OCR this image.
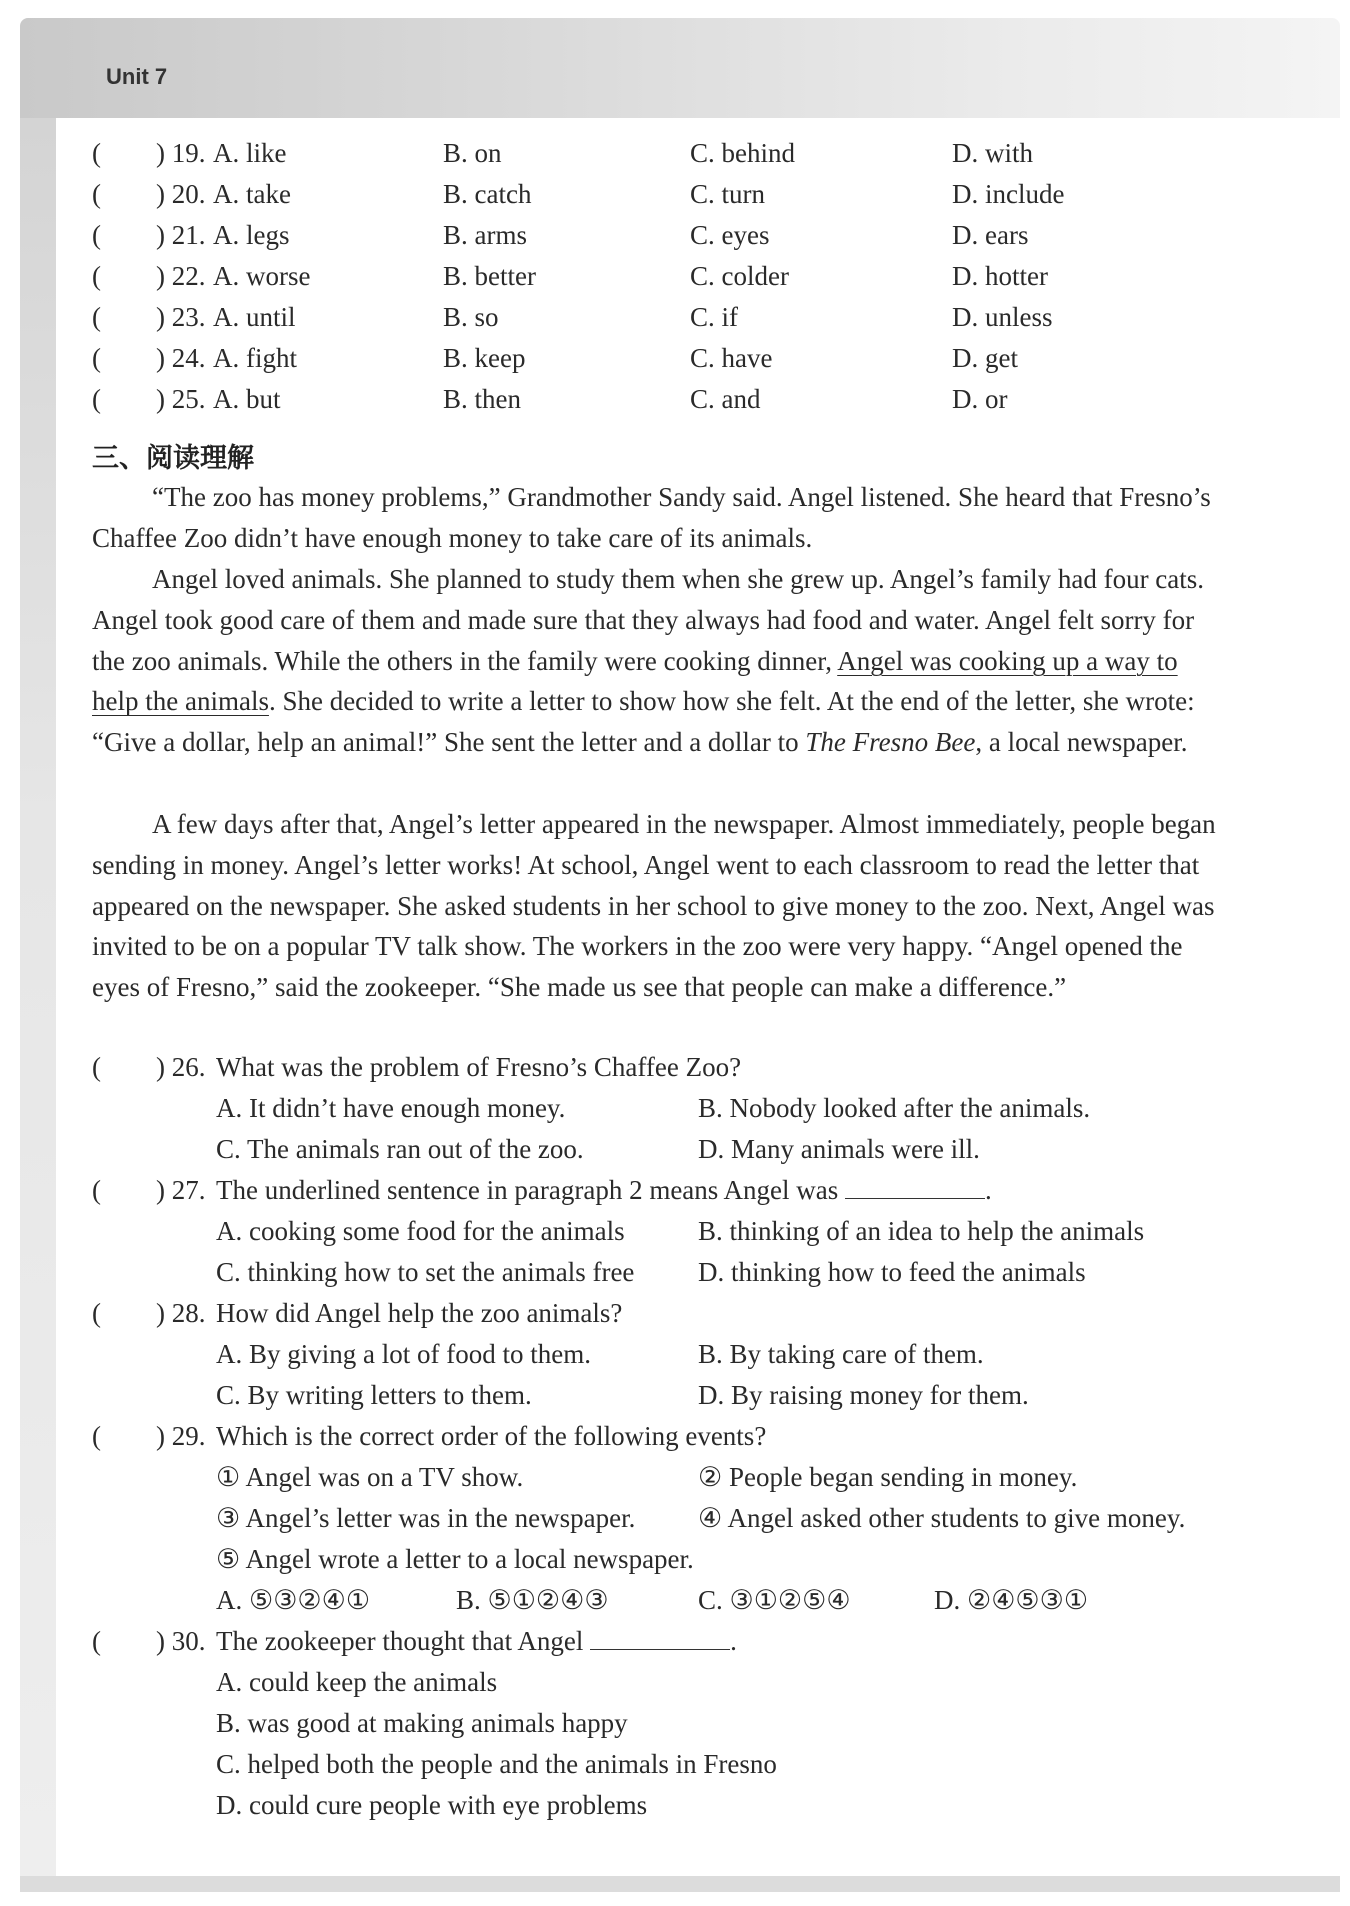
Unit 7
( ) 19. A. like	B. on	C. behind	D. with
( ) 20. A. take	B. catch	C. turn	D. include
( ) 21. A. legs	B. arms	C. eyes	D. ears
( ) 22. A. worse	B. better	C. colder	D. hotter
( ) 23. A. until	B. so	C. if	D. unless
( ) 24. A. fight	B. keep	C. have	D. get
( ) 25. A. but	B. then	C. and	D. or
三、阅读理解
“The zoo has money problems,” Grandmother Sandy said. Angel listened. She heard that Fresno’s Chaffee Zoo didn’t have enough money to take care of its animals.
Angel loved animals. She planned to study them when she grew up. Angel’s family had four cats. Angel took good care of them and made sure that they always had food and water. Angel felt sorry for the zoo animals. While the others in the family were cooking dinner, Angel was cooking up a way to help the animals. She decided to write a letter to show how she felt. At the end of the letter, she wrote: “Give a dollar, help an animal!” She sent the letter and a dollar to The Fresno Bee, a local newspaper.
A few days after that, Angel’s letter appeared in the newspaper. Almost immediately, people began sending in money. Angel’s letter works! At school, Angel went to each classroom to read the letter that appeared on the newspaper. She asked students in her school to give money to the zoo. Next, Angel was invited to be on a popular TV talk show. The workers in the zoo were very happy. “Angel opened the eyes of Fresno,” said the zookeeper. “She made us see that people can make a difference.”
( ) 26. What was the problem of Fresno’s Chaffee Zoo?
A. It didn’t have enough money.	B. Nobody looked after the animals.
C. The animals ran out of the zoo.	D. Many animals were ill.
( ) 27. The underlined sentence in paragraph 2 means Angel was	.
A. cooking some food for the animals	B. thinking of an idea to help the animals
C. thinking how to set the animals free D. thinking how to feed the animals
( ) 28. How did Angel help the zoo animals?
A. By giving a lot of food to them.	B. By taking care of them.
C. By writing letters to them.	D. By raising money for them.
( ) 29. Which is the correct order of the following events?
① Angel was on a TV show.	② People began sending in money.
③ Angel’s letter was in the newspaper. ④ Angel asked other students to give money.
⑤ Angel wrote a letter to a local newspaper.
A. ⑤③②④①	B. ⑤①②④③	C. ③①②⑤④	D. ②④⑤③①
( ) 30. The zookeeper thought that Angel	.
A. could keep the animals
B. was good at making animals happy
C. helped both the people and the animals in Fresno
D. could cure people with eye problems
